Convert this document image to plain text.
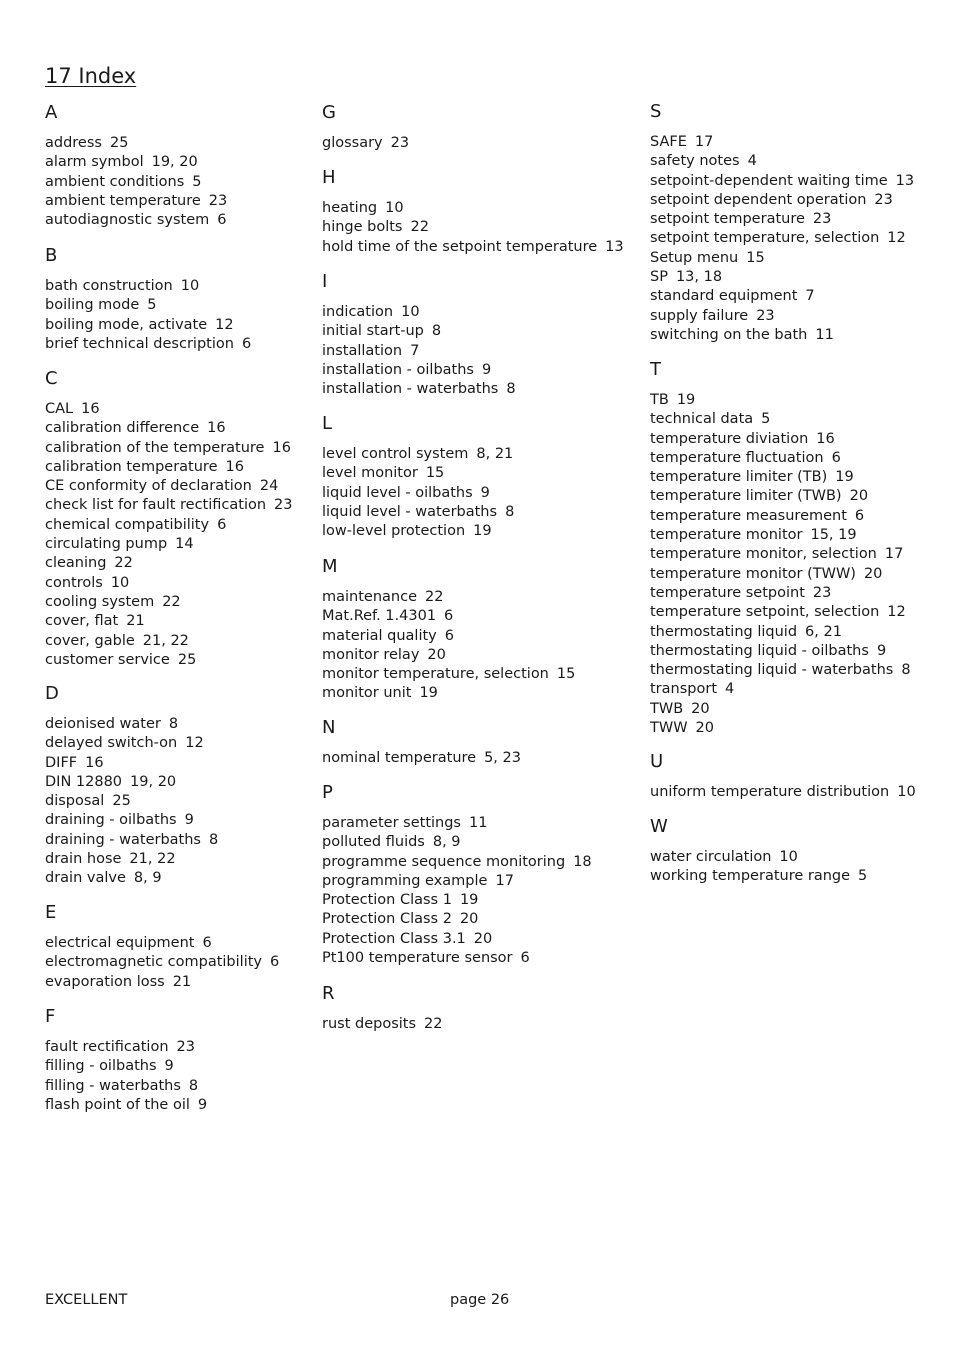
17 Index
A
address 25
alarm symbol 19, 20
ambient conditions 5
ambient temperature 23
autodiagnostic system 6
B
bath construction 10
boiling mode 5
boiling mode, activate 12
brief technical description 6
C
CAL 16
calibration difference 16
calibration of the temperature 16
calibration temperature 16
CE conformity of declaration 24
check list for fault rectification 23
chemical compatibility 6
circulating pump 14
cleaning 22
controls 10
cooling system 22
cover, flat 21
cover, gable 21, 22
customer service 25
D
deionised water 8
delayed switch-on 12
DIFF 16
DIN 12880 19, 20
disposal 25
draining - oilbaths 9
draining - waterbaths 8
drain hose 21, 22
drain valve 8, 9
E
electrical equipment 6
electromagnetic compatibility 6
evaporation loss 21
F
fault rectification 23
filling - oilbaths 9
filling - waterbaths 8
flash point of the oil 9
G
glossary 23
H
heating 10
hinge bolts 22
hold time of the setpoint temperature 13
I
indication 10
initial start-up 8
installation 7
installation - oilbaths 9
installation - waterbaths 8
L
level control system 8, 21
level monitor 15
liquid level - oilbaths 9
liquid level - waterbaths 8
low-level protection 19
M
maintenance 22
Mat.Ref. 1.4301 6
material quality 6
monitor relay 20
monitor temperature, selection 15
monitor unit 19
N
nominal temperature 5, 23
P
parameter settings 11
polluted fluids 8, 9
programme sequence monitoring 18
programming example 17
Protection Class 1 19
Protection Class 2 20
Protection Class 3.1 20
Pt100 temperature sensor 6
R
rust deposits 22
S
SAFE 17
safety notes 4
setpoint-dependent waiting time 13
setpoint dependent operation 23
setpoint temperature 23
setpoint temperature, selection 12
Setup menu 15
SP 13, 18
standard equipment 7
supply failure 23
switching on the bath 11
T
TB 19
technical data 5
temperature diviation 16
temperature fluctuation 6
temperature limiter (TB) 19
temperature limiter (TWB) 20
temperature measurement 6
temperature monitor 15, 19
temperature monitor, selection 17
temperature monitor (TWW) 20
temperature setpoint 23
temperature setpoint, selection 12
thermostating liquid 6, 21
thermostating liquid - oilbaths 9
thermostating liquid - waterbaths 8
transport 4
TWB 20
TWW 20
U
uniform temperature distribution 10
W
water circulation 10
working temperature range 5
EXCELLENT	page 26
